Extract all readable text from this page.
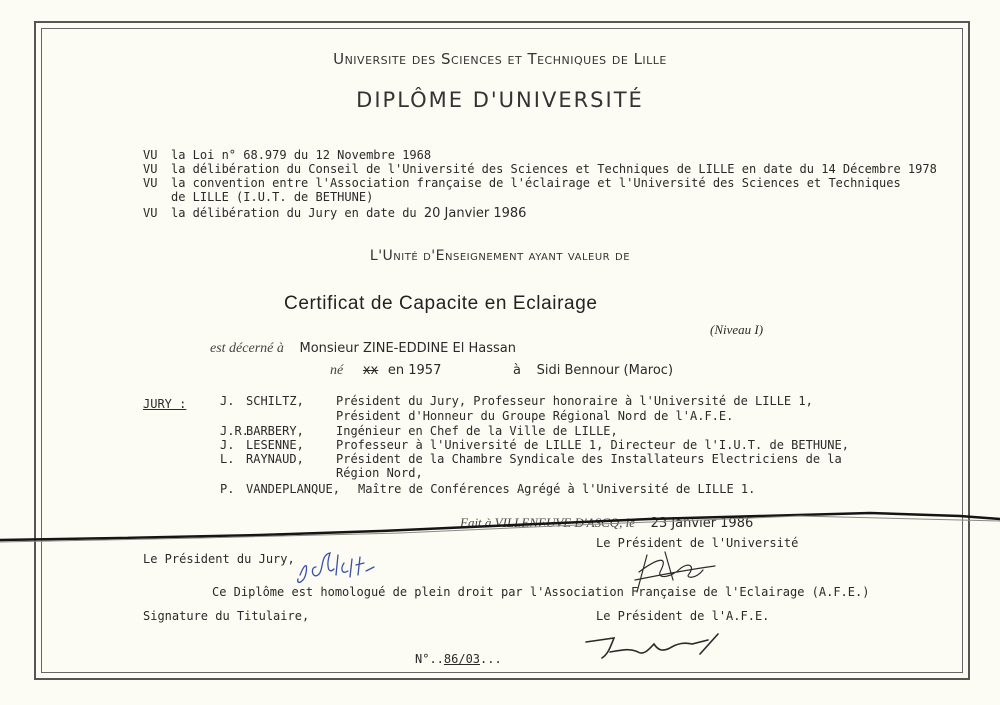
Universite des Sciences et Techniques de Lille
DIPLÔME D'UNIVERSITÉ
VU la Loi n° 68.979 du 12 Novembre 1968
VU la délibération du Conseil de l'Université des Sciences et Techniques de LILLE en date du 14 Décembre 1978
VU la convention entre l'Association française de l'éclairage et l'Université des Sciences et Techniques
de LILLE (I.U.T. de BETHUNE)
VU la délibération du Jury en date du 20 Janvier 1986
L'Unité d'Enseignement ayant valeur de
Certificat de Capacite en Eclairage
(Niveau I)
est décerné à Monsieur ZINE-EDDINE El Hassan
né xx en 1957	à Sidi Bennour (Maroc)
JURY :	J. SCHILTZ,	Président du Jury, Professeur honoraire à l'Université de LILLE 1,
Président d'Honneur du Groupe Régional Nord de l'A.F.E.
J.R.BARBERY,	Ingénieur en Chef de la Ville de LILLE,
J. LESENNE,	Professeur à l'Université de LILLE 1, Directeur de l'I.U.T. de BETHUNE,
L. RAYNAUD,	Président de la Chambre Syndicale des Installateurs Electriciens de la
Région Nord,
P. VANDEPLANQUE, Maître de Conférences Agrégé à l'Université de LILLE 1.
Fait à VILLENEUVE D'ASCQ, le 23 Janvier 1986
Le Président de l'Université
Le Président du Jury,
Ce Diplôme est homologué de plein droit par l'Association Française de l'Eclairage (A.F.E.)
Signature du Titulaire,	Le Président de l'A.F.E.
N°..86/03...
